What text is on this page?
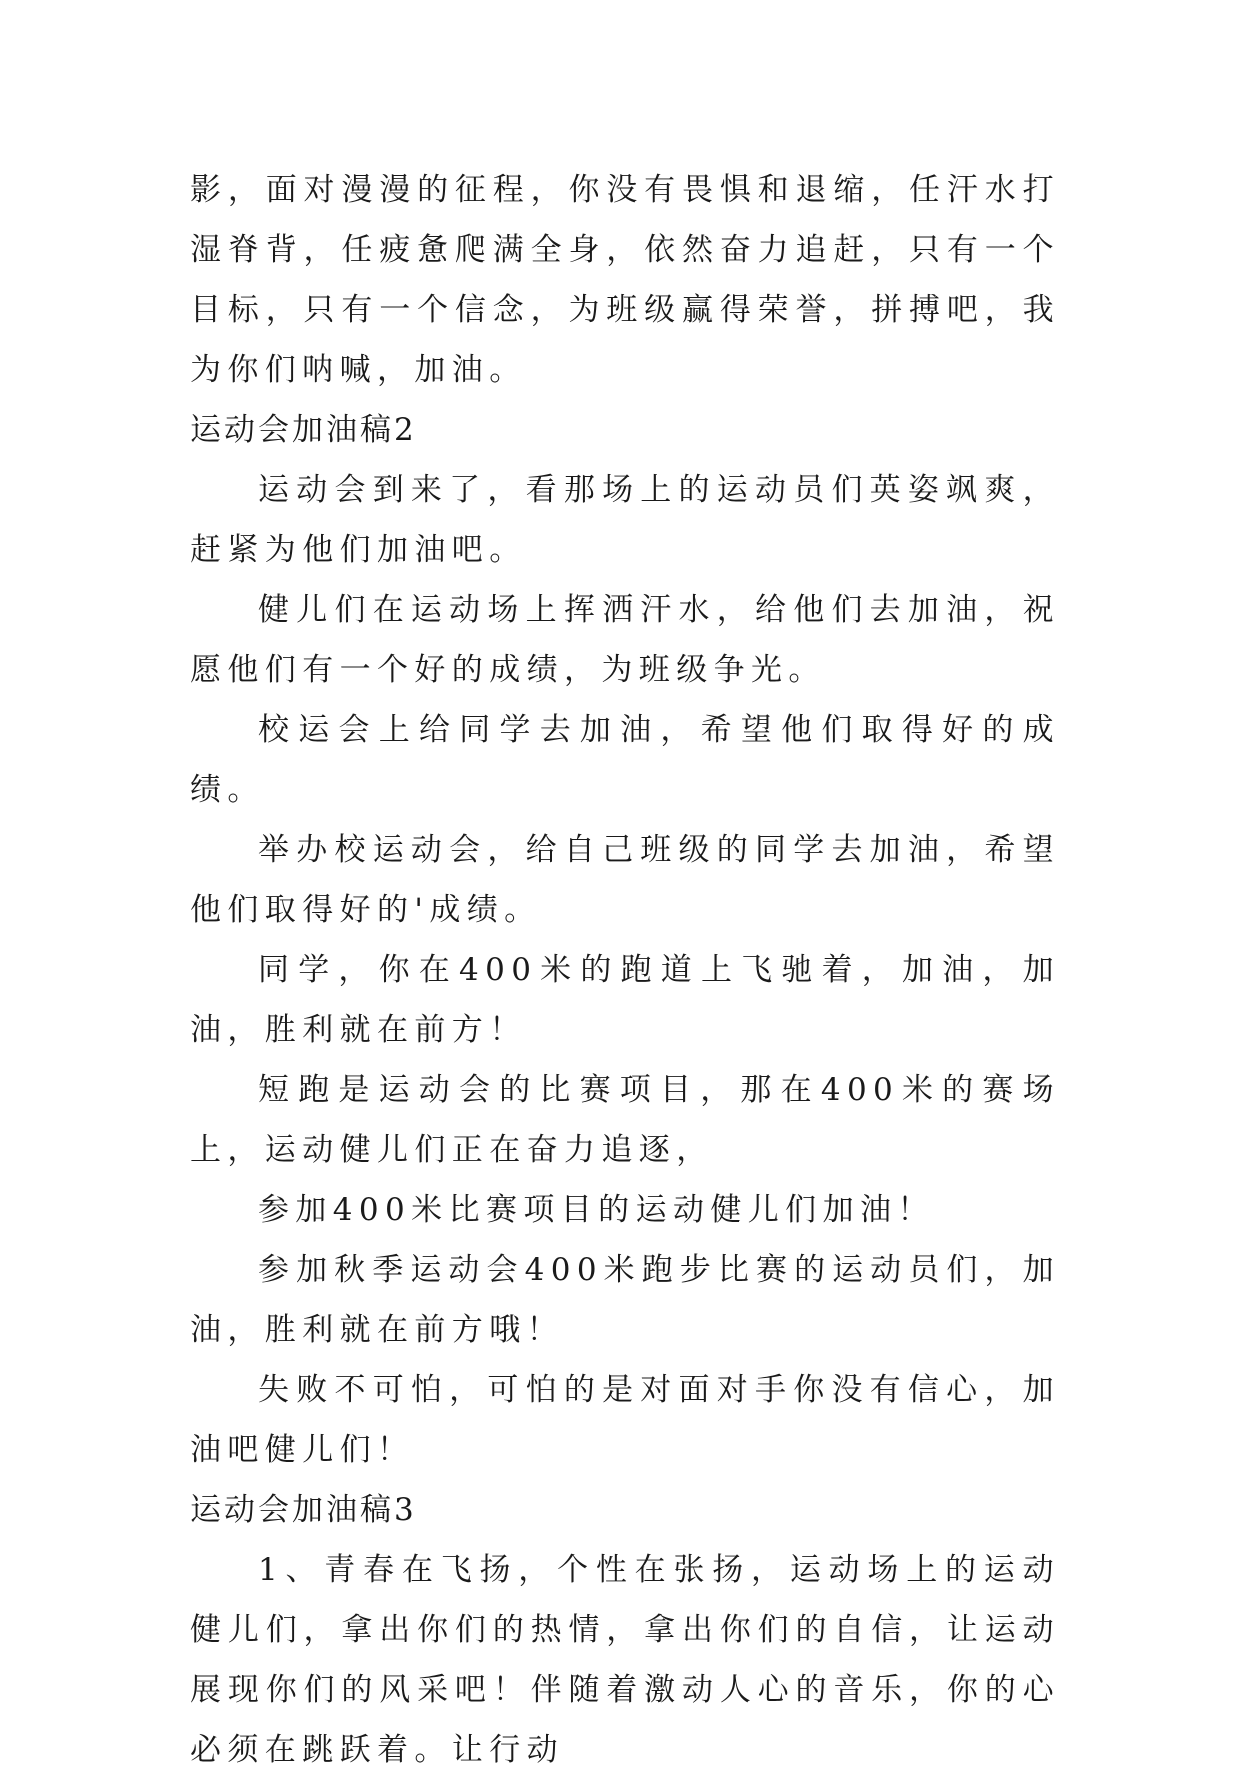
影，面对漫漫的征程，你没有畏惧和退缩，任汗水打湿脊背，任疲惫爬满全身，依然奋力追赶，只有一个目标，只有一个信念，为班级赢得荣誉，拼搏吧，我为你们呐喊，加油。

运动会加油稿2

运动会到来了，看那场上的运动员们英姿飒爽，赶紧为他们加油吧。

健儿们在运动场上挥洒汗水，给他们去加油，祝愿他们有一个好的成绩，为班级争光。

校运会上给同学去加油，希望他们取得好的成绩。

举办校运动会，给自己班级的同学去加油，希望他们取得好的'成绩。

同学，你在400米的跑道上飞驰着，加油，加油，胜利就在前方！

短跑是运动会的比赛项目，那在400米的赛场上，运动健儿们正在奋力追逐，

参加400米比赛项目的运动健儿们加油！

参加秋季运动会400米跑步比赛的运动员们，加油，胜利就在前方哦！

失败不可怕，可怕的是对面对手你没有信心，加油吧健儿们！

运动会加油稿3

1、青春在飞扬，个性在张扬，运动场上的运动健儿们，拿出你们的热情，拿出你们的自信，让运动展现你们的风采吧！伴随着激动人心的音乐，你的心必须在跳跃着。让行动
